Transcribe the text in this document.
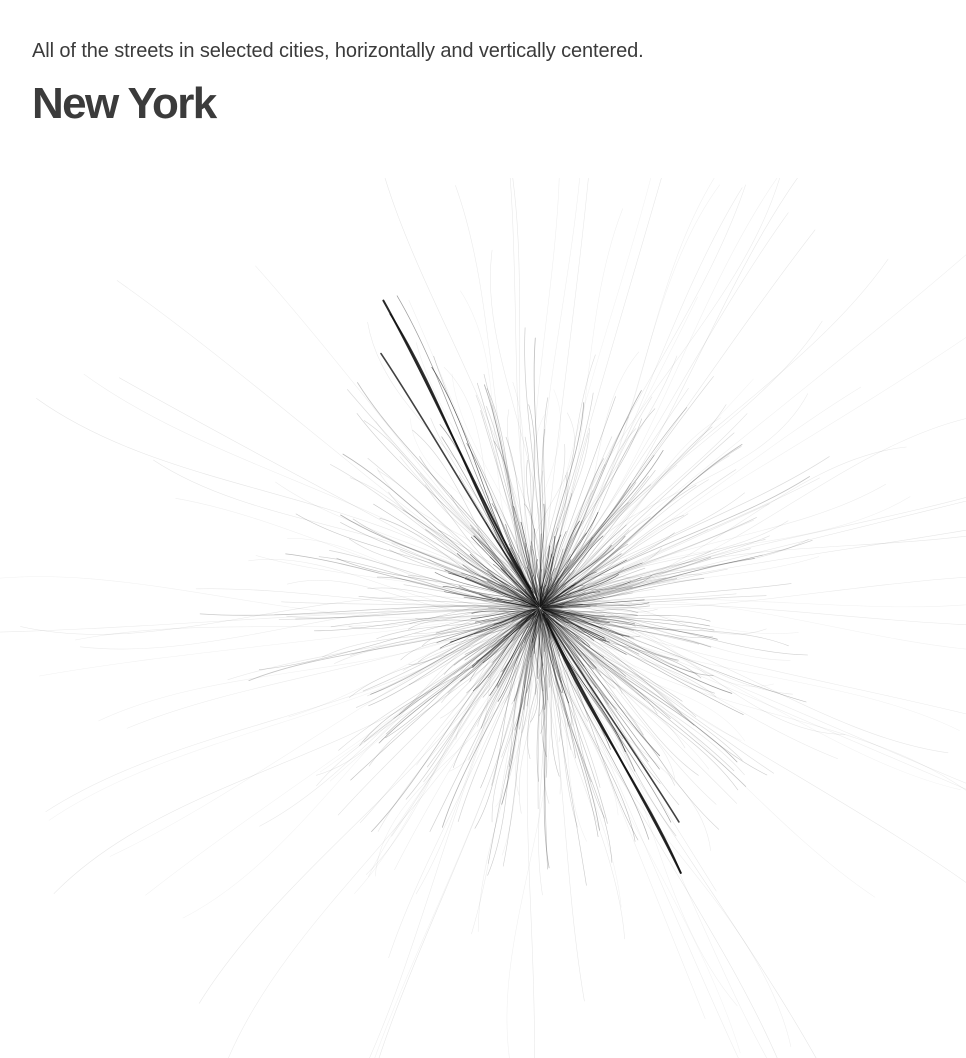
All of the streets in selected cities, horizontally and vertically centered.

New York
